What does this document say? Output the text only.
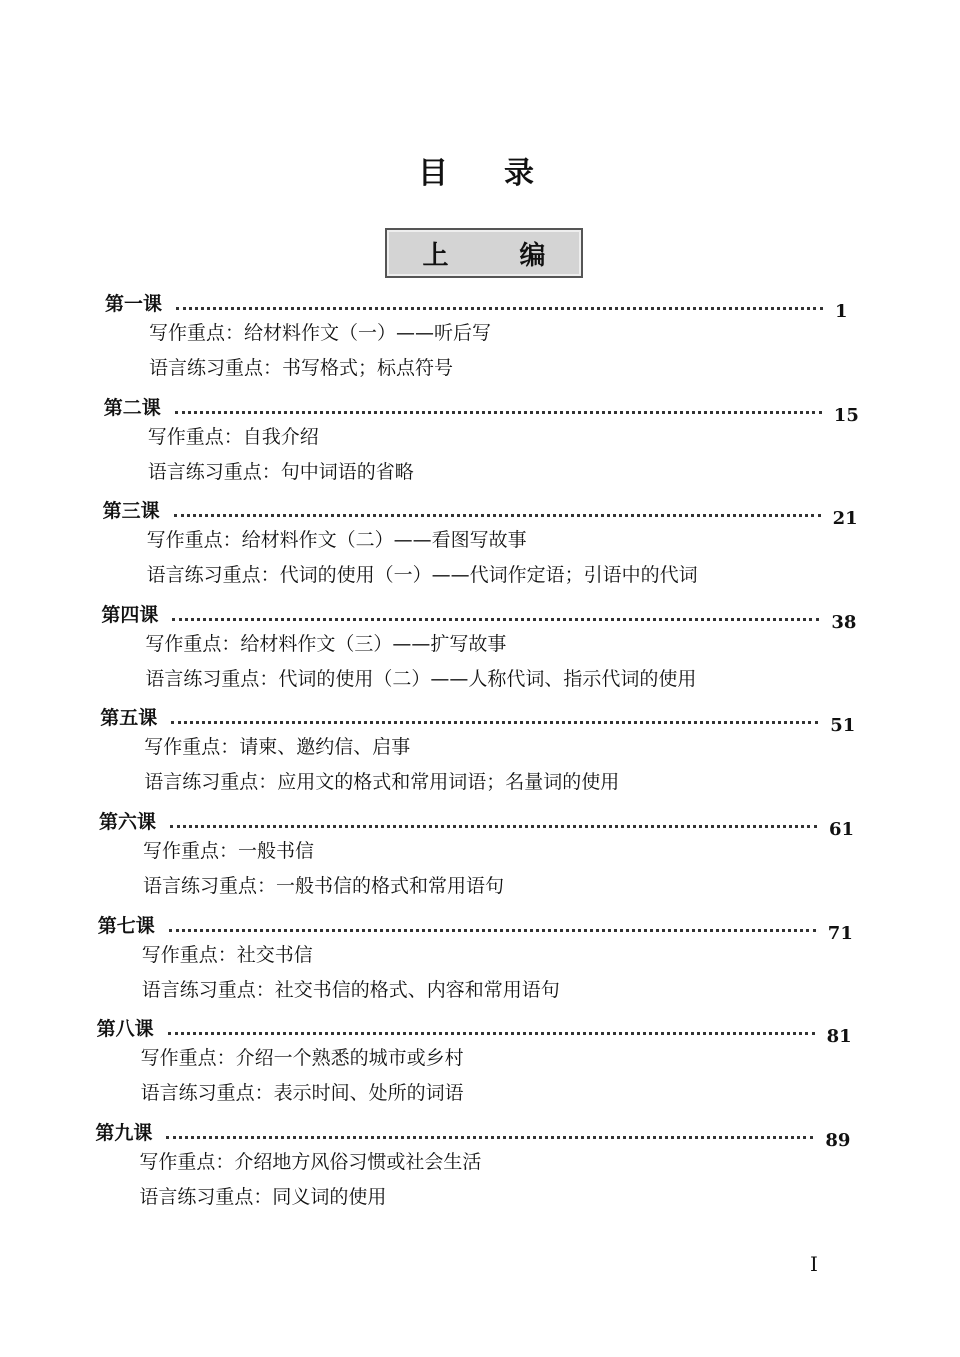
目 录
上	编
第一课	1
写作重点：给材料作文（一）——听后写
语言练习重点：书写格式；标点符号
第二课	15
写作重点：自我介绍
语言练习重点：句中词语的省略
第三课	21
写作重点：给材料作文（二）——看图写故事
语言练习重点：代词的使用（一）——代词作定语；引语中的代词
第四课	38
写作重点：给材料作文（三）——扩写故事
语言练习重点：代词的使用（二）——人称代词、指示代词的使用
第五课	51
写作重点：请柬、邀约信、启事
语言练习重点：应用文的格式和常用词语；名量词的使用
第六课	61
写作重点：一般书信
语言练习重点：一般书信的格式和常用语句
第七课	71
写作重点：社交书信
语言练习重点：社交书信的格式、内容和常用语句
第八课	81
写作重点：介绍一个熟悉的城市或乡村
语言练习重点：表示时间、处所的词语
第九课	89
写作重点：介绍地方风俗习惯或社会生活
语言练习重点：同义词的使用
I
